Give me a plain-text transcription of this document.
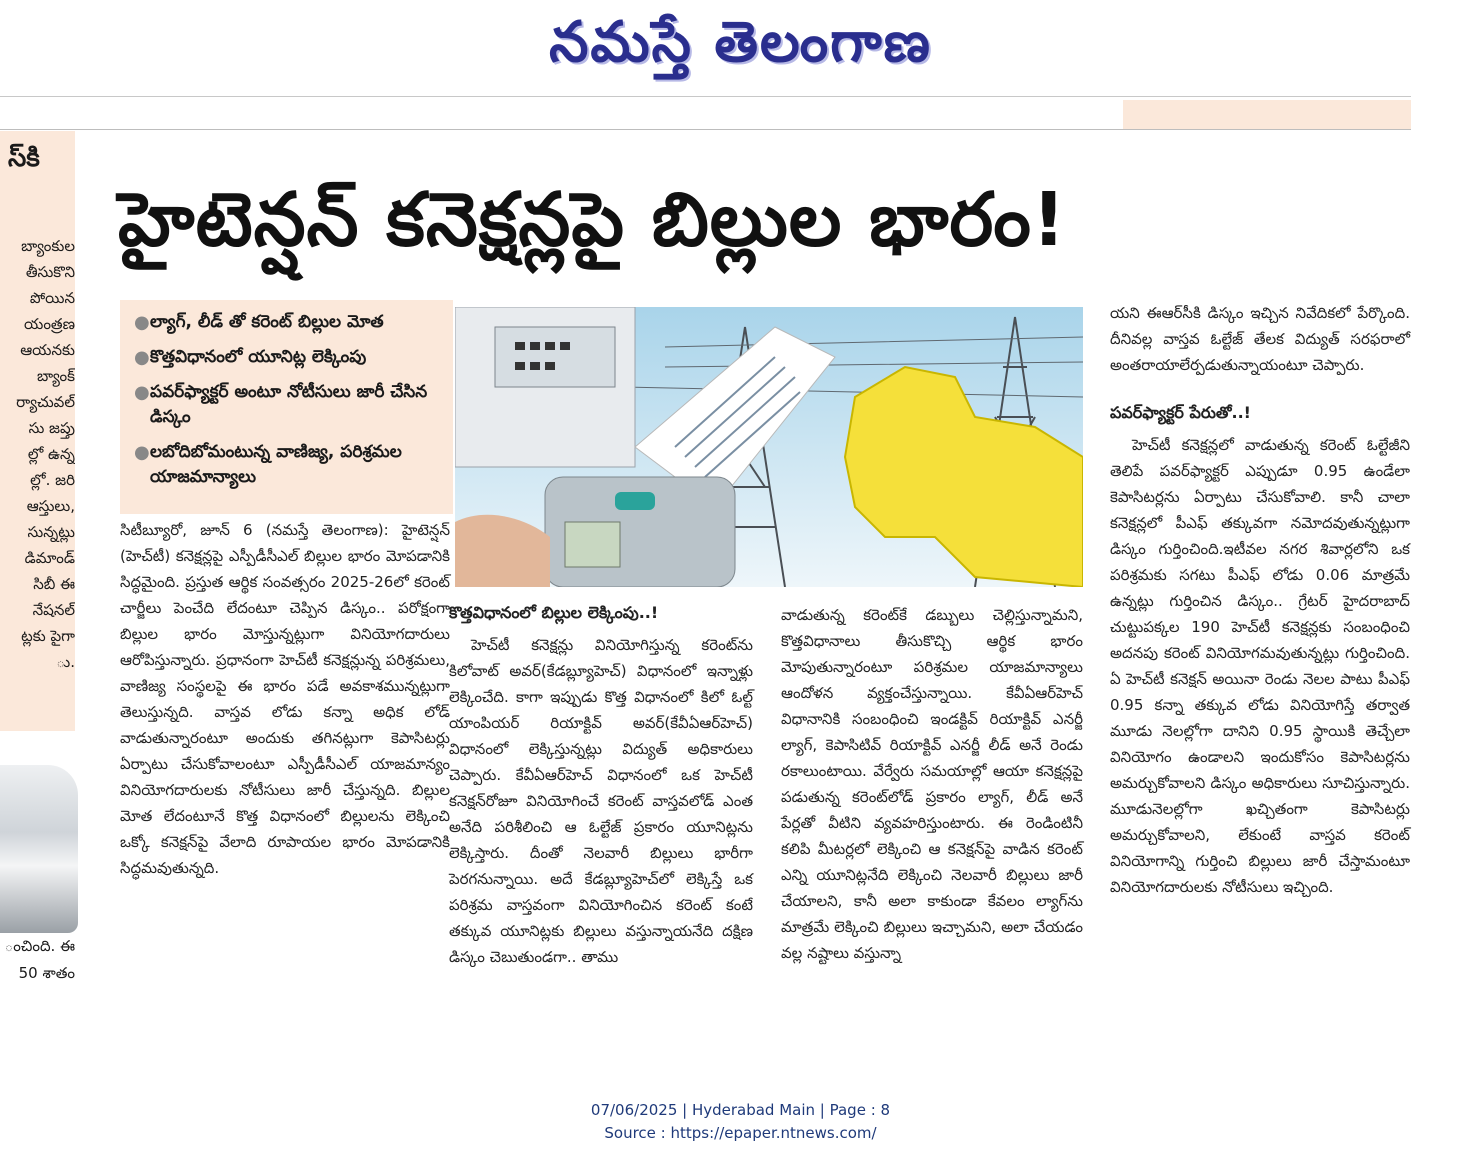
నమస్తే తెలంగాణ
స్‌కి
బ్యాంకుల
తీసుకొని
పోయిన
యంత్రణ
ఆయనకు
బ్యాంక్
ర్యాచువల్
సు జప్తు
ల్లో ఉన్న
ల్లో. జరి
ఆస్తులు,
సున్నట్లు
డిమాండ్
సిబీ ఈ
నేషనల్
ట్లకు పైగా
ు.
ంచింది. ఈ
50 శాతం
హైటెన్షన్ కనెక్షన్లపై బిల్లుల భారం!
● ల్యాగ్, లీడ్ తో కరెంట్ బిల్లుల మోత
● కొత్తవిధానంలో యూనిట్ల లెక్కింపు
● పవర్‌ఫ్యాక్టర్ అంటూ నోటీసులు జారీ చేసిన డిస్కం
● లబోదిబోమంటున్న వాణిజ్య, పరిశ్రమల యాజమాన్యాలు

సిటీబ్యూరో, జూన్ 6 (నమస్తే తెలంగాణ): హైటెన్షన్ (హెచ్‌టీ) కనెక్షన్లపై ఎస్పీడీసీఎల్ బిల్లుల భారం మోపడానికి సిద్ధమైంది. ప్రస్తుత ఆర్థిక సంవత్సరం 2025-26లో కరెంట్ చార్జీలు పెంచేది లేదంటూ చెప్పిన డిస్కం.. పరోక్షంగా బిల్లుల భారం మోస్తున్నట్లుగా వినియోగదారులు ఆరోపిస్తున్నారు. ప్రధానంగా హెచ్‌టీ కనెక్షన్లున్న పరిశ్రమలు, వాణిజ్య సంస్థలపై ఈ భారం పడే అవకాశమున్నట్లుగా తెలుస్తున్నది. వాస్తవ లోడు కన్నా అధిక లోడ్ వాడుతున్నారంటూ అందుకు తగినట్లుగా కెపాసిటర్లు ఏర్పాటు చేసుకోవాలంటూ ఎస్పీడీసీఎల్ యాజమాన్యం వినియోగదారులకు నోటీసులు జారీ చేస్తున్నది. బిల్లుల మోత లేదంటూనే కొత్త విధానంలో బిల్లులను లెక్కించి ఒక్కో కనెక్షన్‌పై వేలాది రూపాయల భారం మోపడానికి సిద్ధమవుతున్నది.

కొత్తవిధానంలో బిల్లుల లెక్కింపు..!

హెచ్‌టీ కనెక్షన్లు వినియోగిస్తున్న కరెంట్‌ను కిలోవాట్ అవర్(కేడబ్ల్యూహెచ్) విధానంలో ఇన్నాళ్లు లెక్కించేది. కాగా ఇప్పుడు కొత్త విధానంలో కిలో ఓల్ట్ యాంపియర్ రియాక్టివ్ అవర్(కేవీఏఆర్‌హెచ్) విధానంలో లెక్కిస్తున్నట్లు విద్యుత్ అధికారులు చెప్పారు. కేవీఏఆర్‌హెచ్ విధానంలో ఒక హెచ్‌టీ కనెక్షన్‌రోజూ వినియోగించే కరెంట్ వాస్తవలోడ్ ఎంత అనేది పరిశీలించి ఆ ఓల్టేజ్ ప్రకారం యూనిట్లను లెక్కిస్తారు. దీంతో నెలవారీ బిల్లులు భారీగా పెరగనున్నాయి. అదే కేడబ్ల్యూహెచ్‌లో లెక్కిస్తే ఒక పరిశ్రమ వాస్తవంగా వినియోగించిన కరెంట్ కంటే తక్కువ యూనిట్లకు బిల్లులు వస్తున్నాయనేది దక్షిణ డిస్కం చెబుతుండగా.. తాము

వాడుతున్న కరెంట్‌కే డబ్బులు చెల్లిస్తున్నామని, కొత్తవిధానాలు తీసుకొచ్చి ఆర్థిక భారం మోపుతున్నారంటూ పరిశ్రమల యాజమాన్యాలు ఆందోళన వ్యక్తంచేస్తున్నాయి. కేవీఏఆర్‌హెచ్ విధానానికి సంబంధించి ఇండక్టివ్ రియాక్టివ్ ఎనర్జీ ల్యాగ్, కెపాసిటివ్ రియాక్టివ్ ఎనర్జీ లీడ్ అనే రెండు రకాలుంటాయి. వేర్వేరు సమయాల్లో ఆయా కనెక్షన్లపై పడుతున్న కరెంట్‌లోడ్ ప్రకారం ల్యాగ్, లీడ్ అనే పేర్లతో వీటిని వ్యవహరిస్తుంటారు. ఈ రెండింటినీ కలిపి మీటర్లలో లెక్కించి ఆ కనెక్షన్‌పై వాడిన కరెంట్ ఎన్ని యూనిట్లనేది లెక్కించి నెలవారీ బిల్లులు జారీ చేయాలని, కానీ అలా కాకుండా కేవలం ల్యాగ్‌ను మాత్రమే లెక్కించి బిల్లులు ఇచ్చామని, అలా చేయడం వల్ల నష్టాలు వస్తున్నా

యని ఈఆర్‌సీకి డిస్కం ఇచ్చిన నివేదికలో పేర్కొంది. దీనివల్ల వాస్తవ ఓల్టేజ్ తేలక విద్యుత్ సరఫరాలో అంతరాయాలేర్పడుతున్నాయంటూ చెప్పారు.

పవర్‌ఫ్యాక్టర్ పేరుతో..!

హెచ్‌టీ కనెక్షన్లలో వాడుతున్న కరెంట్ ఓల్టేజీని తెలిపే పవర్‌ఫ్యాక్టర్ ఎప్పుడూ 0.95 ఉండేలా కెపాసిటర్లను ఏర్పాటు చేసుకోవాలి. కానీ చాలా కనెక్షన్లలో పీఎఫ్ తక్కువగా నమోదవుతున్నట్లుగా డిస్కం గుర్తించింది.ఇటీవల నగర శివార్లలోని ఒక పరిశ్రమకు సగటు పీఎఫ్ లోడు 0.06 మాత్రమే ఉన్నట్లు గుర్తించిన డిస్కం.. గ్రేటర్ హైదరాబాద్ చుట్టుపక్కల 190 హెచ్‌టీ కనెక్షన్లకు సంబంధించి అదనపు కరెంట్ వినియోగమవుతున్నట్లు గుర్తించింది. ఏ హెచ్‌టీ కనెక్షన్ అయినా రెండు నెలల పాటు పీఎఫ్ 0.95 కన్నా తక్కువ లోడు వినియోగిస్తే తర్వాత మూడు నెలల్లోగా దానిని 0.95 స్థాయికి తెచ్చేలా వినియోగం ఉండాలని ఇందుకోసం కెపాసిటర్లను అమర్చుకోవాలని డిస్కం అధికారులు సూచిస్తున్నారు. మూడునెలల్లోగా ఖచ్చితంగా కెపాసిటర్లు అమర్చుకోవాలని, లేకుంటే వాస్తవ కరెంట్ వినియోగాన్ని గుర్తించి బిల్లులు జారీ చేస్తామంటూ వినియోగదారులకు నోటీసులు ఇచ్చింది.

07/06/2025 | Hyderabad Main | Page : 8
Source : https://epaper.ntnews.com/
